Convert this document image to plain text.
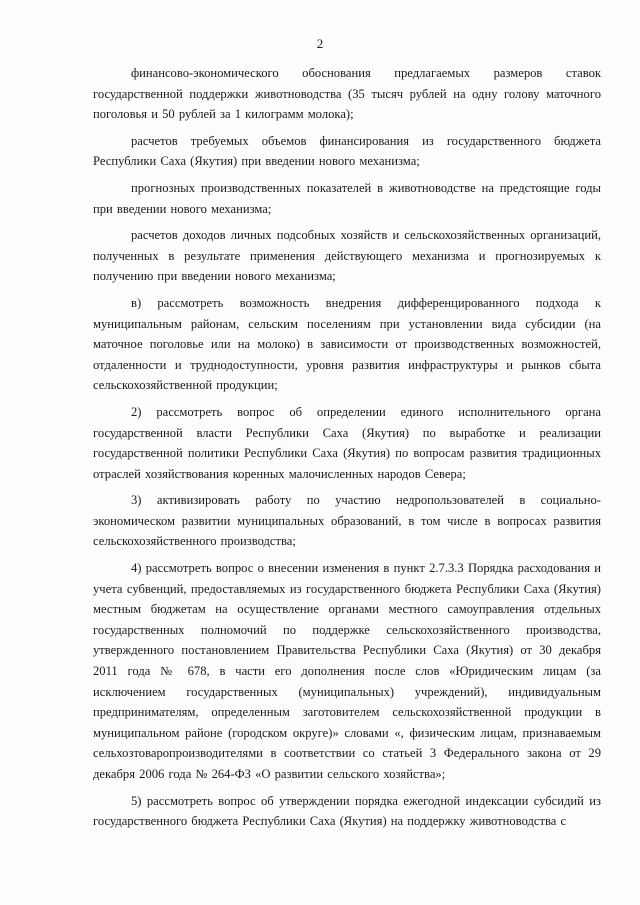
2

финансово-экономического обоснования предлагаемых размеров ставок государственной поддержки животноводства (35 тысяч рублей на одну голову маточного поголовья и 50 рублей за 1 килограмм молока);

расчетов требуемых объемов финансирования из государственного бюджета Республики Саха (Якутия) при введении нового механизма;

прогнозных производственных показателей в животноводстве на предстоящие годы при введении нового механизма;

расчетов доходов личных подсобных хозяйств и сельскохозяйственных организаций, полученных в результате применения действующего механизма и прогнозируемых к получению при введении нового механизма;

в) рассмотреть возможность внедрения дифференцированного подхода к муниципальным районам, сельским поселениям при установлении вида субсидии (на маточное поголовье или на молоко) в зависимости от производственных возможностей, отдаленности и труднодоступности, уровня развития инфраструктуры и рынков сбыта сельскохозяйственной продукции;

2) рассмотреть вопрос об определении единого исполнительного органа государственной власти Республики Саха (Якутия) по выработке и реализации государственной политики Республики Саха (Якутия) по вопросам развития традиционных отраслей хозяйствования коренных малочисленных народов Севера;

3) активизировать работу по участию недропользователей в социально-экономическом развитии муниципальных образований, в том числе в вопросах развития сельскохозяйственного производства;

4) рассмотреть вопрос о внесении изменения в пункт 2.7.3.3 Порядка расходования и учета субвенций, предоставляемых из государственного бюджета Республики Саха (Якутия) местным бюджетам на осуществление органами местного самоуправления отдельных государственных полномочий по поддержке сельскохозяйственного производства, утвержденного постановлением Правительства Республики Саха (Якутия) от 30 декабря 2011 года № 678, в части его дополнения после слов «Юридическим лицам (за исключением государственных (муниципальных) учреждений), индивидуальным предпринимателям, определенным заготовителем сельскохозяйственной продукции в муниципальном районе (городском округе)» словами «, физическим лицам, признаваемым сельхозтоваропроизводителями в соответствии со статьей 3 Федерального закона от 29 декабря 2006 года № 264-ФЗ «О развитии сельского хозяйства»;

5) рассмотреть вопрос об утверждении порядка ежегодной индексации субсидий из государственного бюджета Республики Саха (Якутия) на поддержку животноводства с
